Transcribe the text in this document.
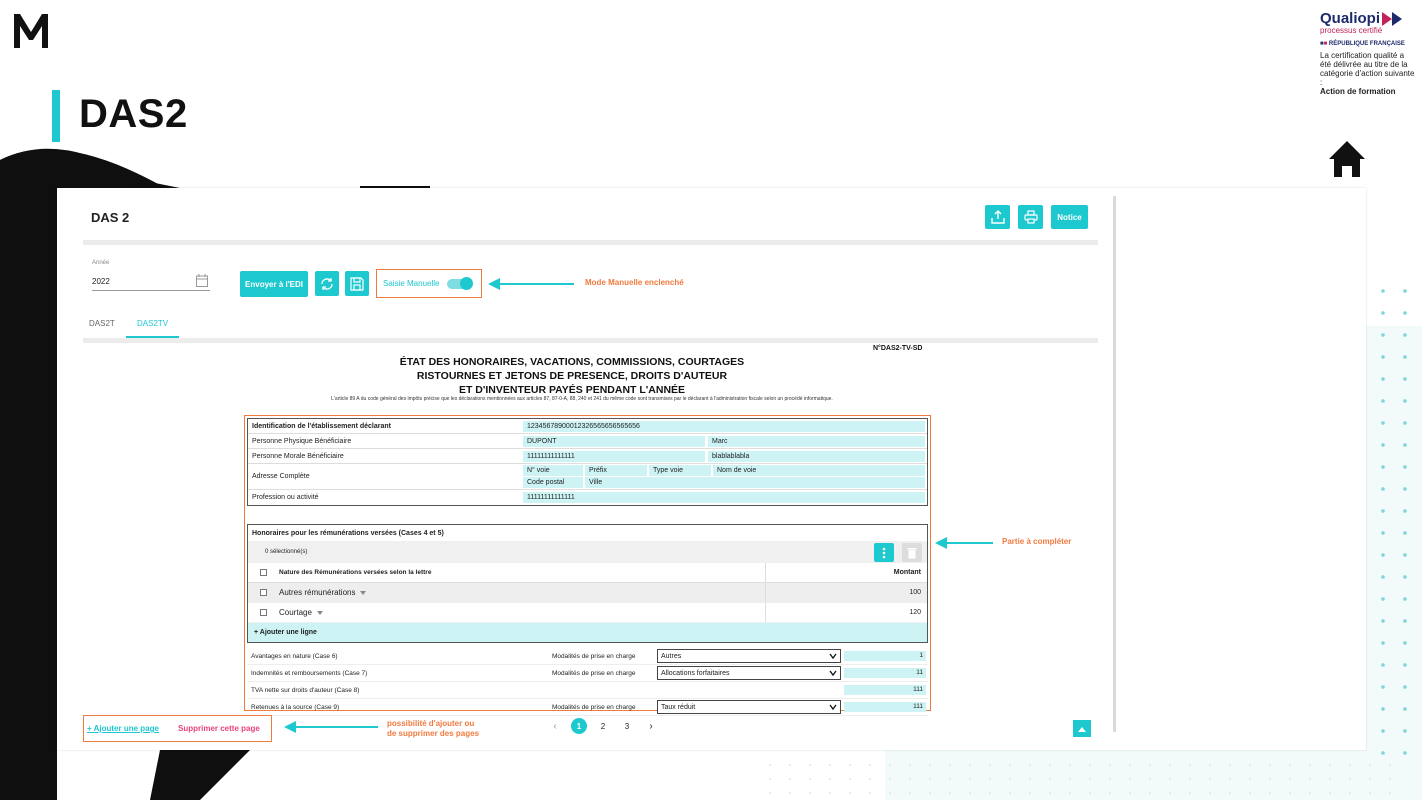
DAS2
Qualiopi
processus certifié
■■ RÉPUBLIQUE FRANÇAISE
La certification qualité a été délivrée au titre de la catégorie d'action suivante :
Action de formation
DAS 2	Notice
Année
2022	Envoyer à l'EDI	Saisie Manuelle
DAS2T	DAS2TV
N°DAS2-TV-SD
ÉTAT DES HONORAIRES, VACATIONS, COMMISSIONS, COURTAGES
RISTOURNES ET JETONS DE PRESENCE, DROITS D'AUTEUR
ET D'INVENTEUR PAYÉS PENDANT L'ANNÉE
L'article 89 A du code général des impôts précise que les déclarations mentionnées aux articles 87, 87-0-A, 88, 240 et 241 du même code sont transmises par le déclarant à l'administration fiscale selon un procédé informatique.
Identification de l'établissement déclarant	12345678900012326565656565656
Personne Physique Bénéficiaire	DUPONT	Marc
Personne Morale Bénéficiaire	11111111111111	blablablabla
Adresse Complète
N° voie	Préfix	Type voie	Nom de voie
Code postal	Ville
Profession ou activité	11111111111111
Honoraires pour les rémunérations versées (Cases 4 et 5)
0 sélectionné(s)
Nature des Rémunérations versées selon la lettre	Montant
Autres rémunérations	100
Courtage	120
+ Ajouter une ligne
Avantages en nature (Case 6)	Modalités de prise en charge	Autres	1
Indemnités et remboursements (Case 7)	Modalités de prise en charge	Allocations forfaitaires	11
TVA nette sur droits d'auteur (Case 8)	111
Retenues à la source (Case 9)	Modalités de prise en charge	Taux réduit	111
+ Ajouter une page Supprimer cette page	‹	1	2	3	›
Mode Manuelle enclenché
Partie à compléter
possibilité d'ajouter ou
de supprimer des pages
